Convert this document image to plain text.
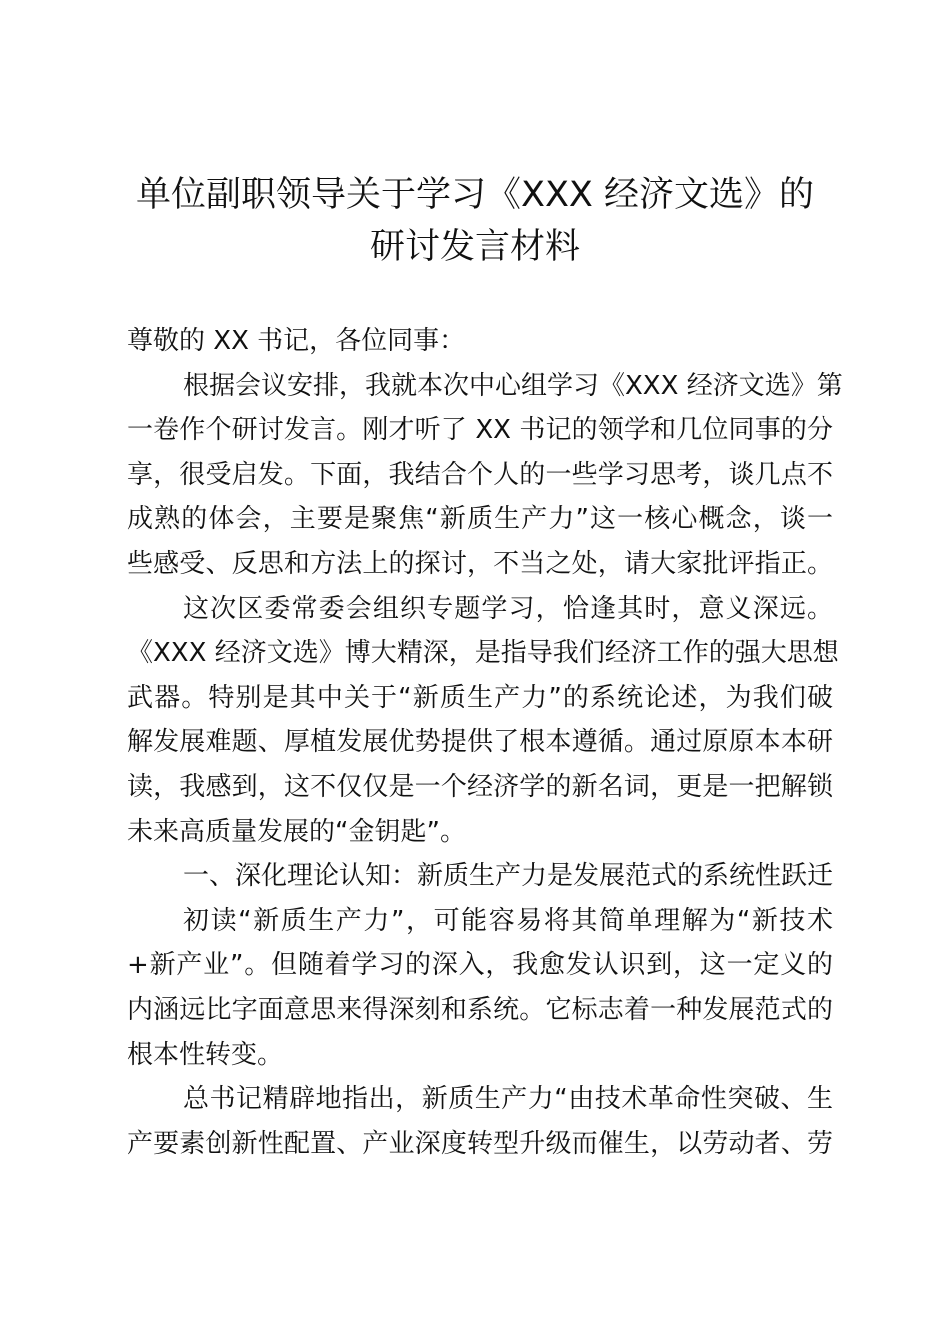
单位副职领导关于学习《XXX 经济文选》的
研讨发言材料
尊敬的 XX 书记，各位同事：
根据会议安排，我就本次中心组学习《XXX 经济文选》第
一卷作个研讨发言。刚才听了 XX 书记的领学和几位同事的分
享，很受启发。下面，我结合个人的一些学习思考，谈几点不
成熟的体会，主要是聚焦“新质生产力”这一核心概念，谈一
些感受、反思和方法上的探讨，不当之处，请大家批评指正。
这次区委常委会组织专题学习，恰逢其时，意义深远。
《XXX 经济文选》博大精深，是指导我们经济工作的强大思想
武器。特别是其中关于“新质生产力”的系统论述，为我们破
解发展难题、厚植发展优势提供了根本遵循。通过原原本本研
读，我感到，这不仅仅是一个经济学的新名词，更是一把解锁
未来高质量发展的“金钥匙”。
一、深化理论认知：新质生产力是发展范式的系统性跃迁
初读“新质生产力”，可能容易将其简单理解为“新技术
+新产业”。但随着学习的深入，我愈发认识到，这一定义的
内涵远比字面意思来得深刻和系统。它标志着一种发展范式的
根本性转变。
总书记精辟地指出，新质生产力“由技术革命性突破、生
产要素创新性配置、产业深度转型升级而催生，以劳动者、劳
